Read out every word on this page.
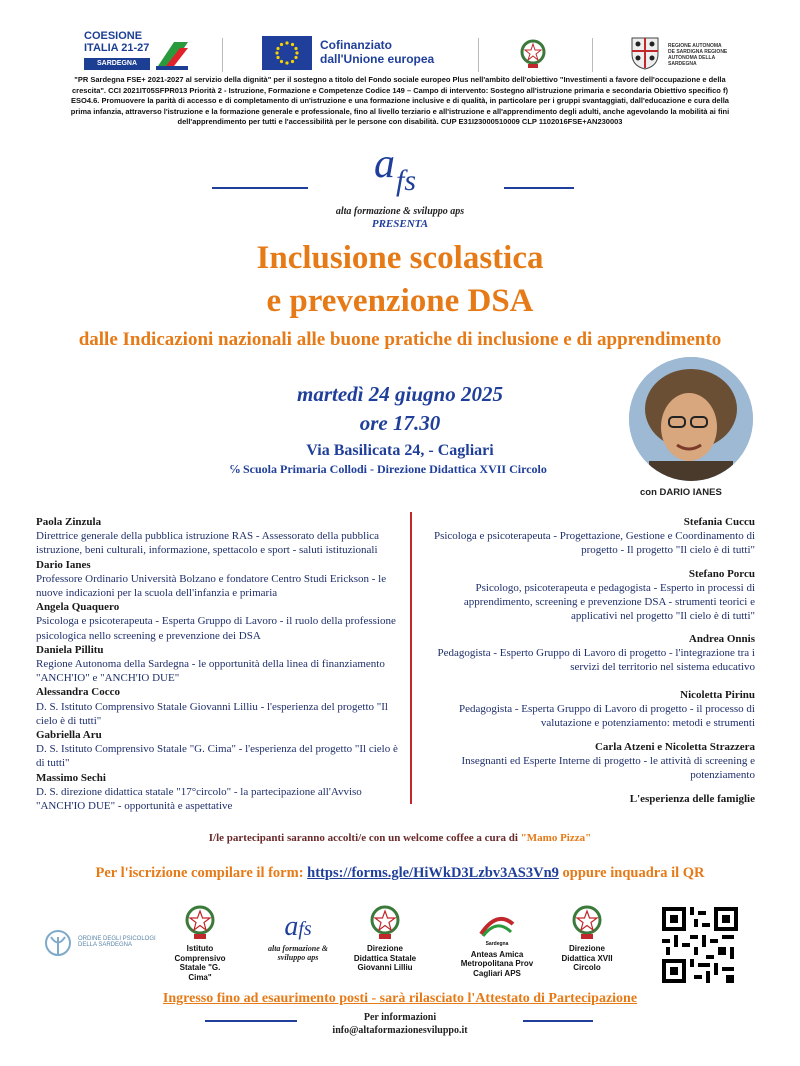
COESIONE
ITALIA 21-27
SARDEGNA
Cofinanziato
dall'Unione europea
REGIONE AUTONOMA DE SARDIGNA REGIONE AUTONOMA DELLA SARDEGNA
"PR Sardegna FSE+ 2021-2027 al servizio della dignità" per il sostegno a titolo del Fondo sociale europeo Plus nell'ambito dell'obiettivo "Investimenti a favore dell'occupazione e della crescita". CCI 2021IT05SFPR013 Priorità 2 - Istruzione, Formazione e Competenze Codice 149 – Campo di intervento: Sostegno all'istruzione primaria e secondaria Obiettivo specifico f) ESO4.6. Promuovere la parità di accesso e di completamento di un'istruzione e una formazione inclusive e di qualità, in particolare per i gruppi svantaggiati, dall'educazione e cura della prima infanzia, attraverso l'istruzione e la formazione generale e professionale, fino al livello terziario e all'istruzione e all'apprendimento degli adulti, anche agevolando la mobilità ai fini dell'apprendimento per tutti e l'accessibilità per le persone con disabilità. CUP E31I23000510009 CLP 1102016FSE+AN230003
a fs
alta formazione & sviluppo aps
PRESENTA
Inclusione scolastica
e prevenzione DSA
dalle Indicazioni nazionali alle buone pratiche di inclusione e di apprendimento
martedì 24 giugno 2025
ore 17.30
Via Basilicata 24, - Cagliari
℅ Scuola Primaria Collodi - Direzione Didattica XVII Circolo
con DARIO IANES
Paola Zinzula
Direttrice generale della pubblica istruzione RAS - Assessorato della pubblica istruzione, beni culturali, informazione, spettacolo e sport - saluti istituzionali
Dario Ianes
Professore Ordinario Università Bolzano e fondatore Centro Studi Erickson - le nuove indicazioni per la scuola dell'infanzia e primaria
Angela Quaquero
Psicologa e psicoterapeuta - Esperta Gruppo di Lavoro - il ruolo della professione psicologica nello screening e prevenzione dei DSA
Daniela Pillitu
Regione Autonoma della Sardegna - le opportunità della linea di finanziamento "ANCH'IO" e "ANCH'IO DUE"
Alessandra Cocco
D. S. Istituto Comprensivo Statale Giovanni Lilliu - l'esperienza del progetto "Il cielo è di tutti"
Gabriella Aru
D. S. Istituto Comprensivo Statale "G. Cima" - l'esperienza del progetto "Il cielo è di tutti"
Massimo Sechi
D. S. direzione didattica statale "17°circolo" - la partecipazione all'Avviso "ANCH'IO DUE" - opportunità e aspettative
Stefania Cuccu
Psicologa e psicoterapeuta - Progettazione, Gestione e Coordinamento di progetto - Il progetto "Il cielo è di tutti"
Stefano Porcu
Psicologo, psicoterapeuta e pedagogista - Esperto in processi di apprendimento, screening e prevenzione DSA - strumenti teorici e applicativi nel progetto "Il cielo è di tutti"
Andrea Onnis
Pedagogista - Esperto Gruppo di Lavoro di progetto - l'integrazione tra i servizi del territorio nel sistema educativo
Nicoletta Pirinu
Pedagogista - Esperta Gruppo di Lavoro di progetto - il processo di valutazione e potenziamento: metodi e strumenti
Carla Atzeni e Nicoletta Strazzera
Insegnanti ed Esperte Interne di progetto - le attività di screening e potenziamento
L'esperienza delle famiglie
I/le partecipanti saranno accolti/e con un welcome coffee a cura di "Mamo Pizza"
Per l'iscrizione compilare il form: https://forms.gle/HiWkD3Lzbv3AS3Vn9 oppure inquadra il QR
ORDINE DEGLI PSICOLOGI DELLA SARDEGNA	Istituto Comprensivo Statale "G. Cima"
afs
alta formazione & sviluppo aps
Direzione Didattica Statale Giovanni Lilliu
Sardegna
Anteas Amica Metropolitana Prov Cagliari APS
Direzione Didattica XVII Circolo
Ingresso fino ad esaurimento posti - sarà rilasciato l'Attestato di Partecipazione
Per informazioni
info@altaformazionesviluppo.it
